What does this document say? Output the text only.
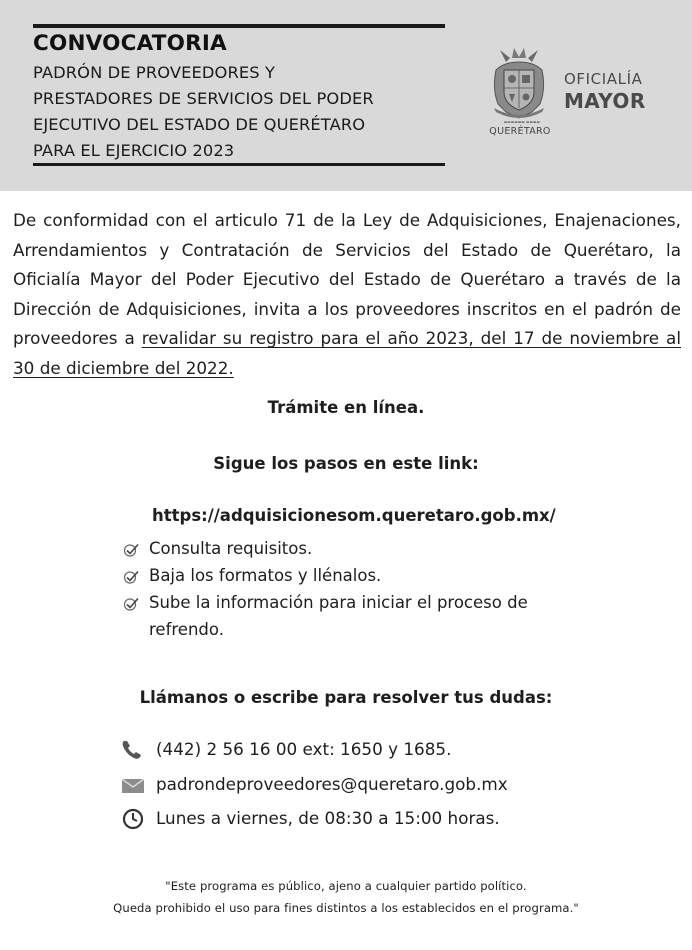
CONVOCATORIA
PADRÓN DE PROVEEDORES Y
PRESTADORES DE SERVICIOS DEL PODER
EJECUTIVO DEL ESTADO DE QUERÉTARO
PARA EL EJERCICIO 2023
▬▬▬▬▬▬ ▬▬▬▬
QUERÉTARO
OFICIALÍA
MAYOR
De conformidad con el articulo 71 de la Ley de Adquisiciones, Enajenaciones, Arrendamientos y Contratación de Servicios del Estado de Querétaro, la Oficialía Mayor del Poder Ejecutivo del Estado de Querétaro a través de la Dirección de Adquisiciones, invita a los proveedores inscritos en el padrón de proveedores a revalidar su registro para el año 2023, del 17 de noviembre al 30 de diciembre del 2022.
Trámite en línea.
Sigue los pasos en este link:
https://adquisicionesom.queretaro.gob.mx/
Consulta requisitos.
Baja los formatos y llénalos.
Sube la información para iniciar el proceso de refrendo.
Llámanos o escribe para resolver tus dudas:
(442) 2 56 16 00 ext: 1650 y 1685.
padrondeproveedores@queretaro.gob.mx
Lunes a viernes, de 08:30 a 15:00 horas.
"Este programa es público, ajeno a cualquier partido político.
Queda prohibido el uso para fines distintos a los establecidos en el programa."
